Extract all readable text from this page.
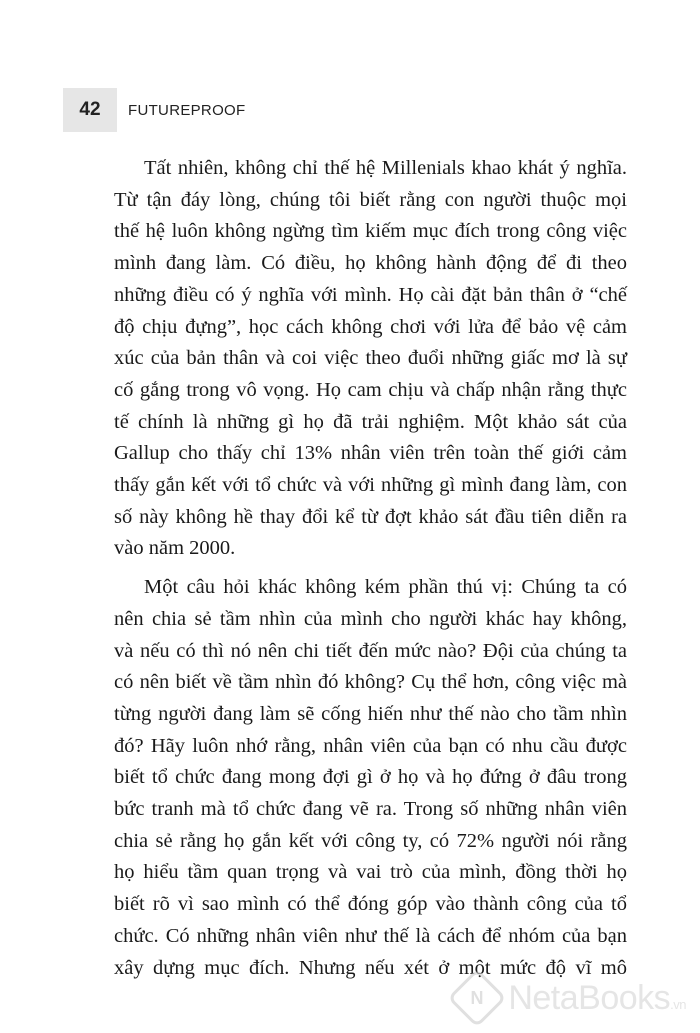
42	FUTUREPROOF
Tất nhiên, không chỉ thế hệ Millenials khao khát ý nghĩa.
Từ tận đáy lòng, chúng tôi biết rằng con người thuộc mọi
thế hệ luôn không ngừng tìm kiếm mục đích trong công việc
mình đang làm. Có điều, họ không hành động để đi theo
những điều có ý nghĩa với mình. Họ cài đặt bản thân ở “chế
độ chịu đựng”, học cách không chơi với lửa để bảo vệ cảm
xúc của bản thân và coi việc theo đuổi những giấc mơ là sự
cố gắng trong vô vọng. Họ cam chịu và chấp nhận rằng thực
tế chính là những gì họ đã trải nghiệm. Một khảo sát của
Gallup cho thấy chỉ 13% nhân viên trên toàn thế giới cảm
thấy gắn kết với tổ chức và với những gì mình đang làm, con
số này không hề thay đổi kể từ đợt khảo sát đầu tiên diễn ra
vào năm 2000.
Một câu hỏi khác không kém phần thú vị: Chúng ta có
nên chia sẻ tầm nhìn của mình cho người khác hay không,
và nếu có thì nó nên chi tiết đến mức nào? Đội của chúng ta
có nên biết về tầm nhìn đó không? Cụ thể hơn, công việc mà
từng người đang làm sẽ cống hiến như thế nào cho tầm nhìn
đó? Hãy luôn nhớ rằng, nhân viên của bạn có nhu cầu được
biết tổ chức đang mong đợi gì ở họ và họ đứng ở đâu trong
bức tranh mà tổ chức đang vẽ ra. Trong số những nhân viên
chia sẻ rằng họ gắn kết với công ty, có 72% người nói rằng
họ hiểu tầm quan trọng và vai trò của mình, đồng thời họ
biết rõ vì sao mình có thể đóng góp vào thành công của tổ
chức. Có những nhân viên như thế là cách để nhóm của bạn
xây dựng mục đích. Nhưng nếu xét ở một mức độ vĩ mô
N NetaBooks.vn
